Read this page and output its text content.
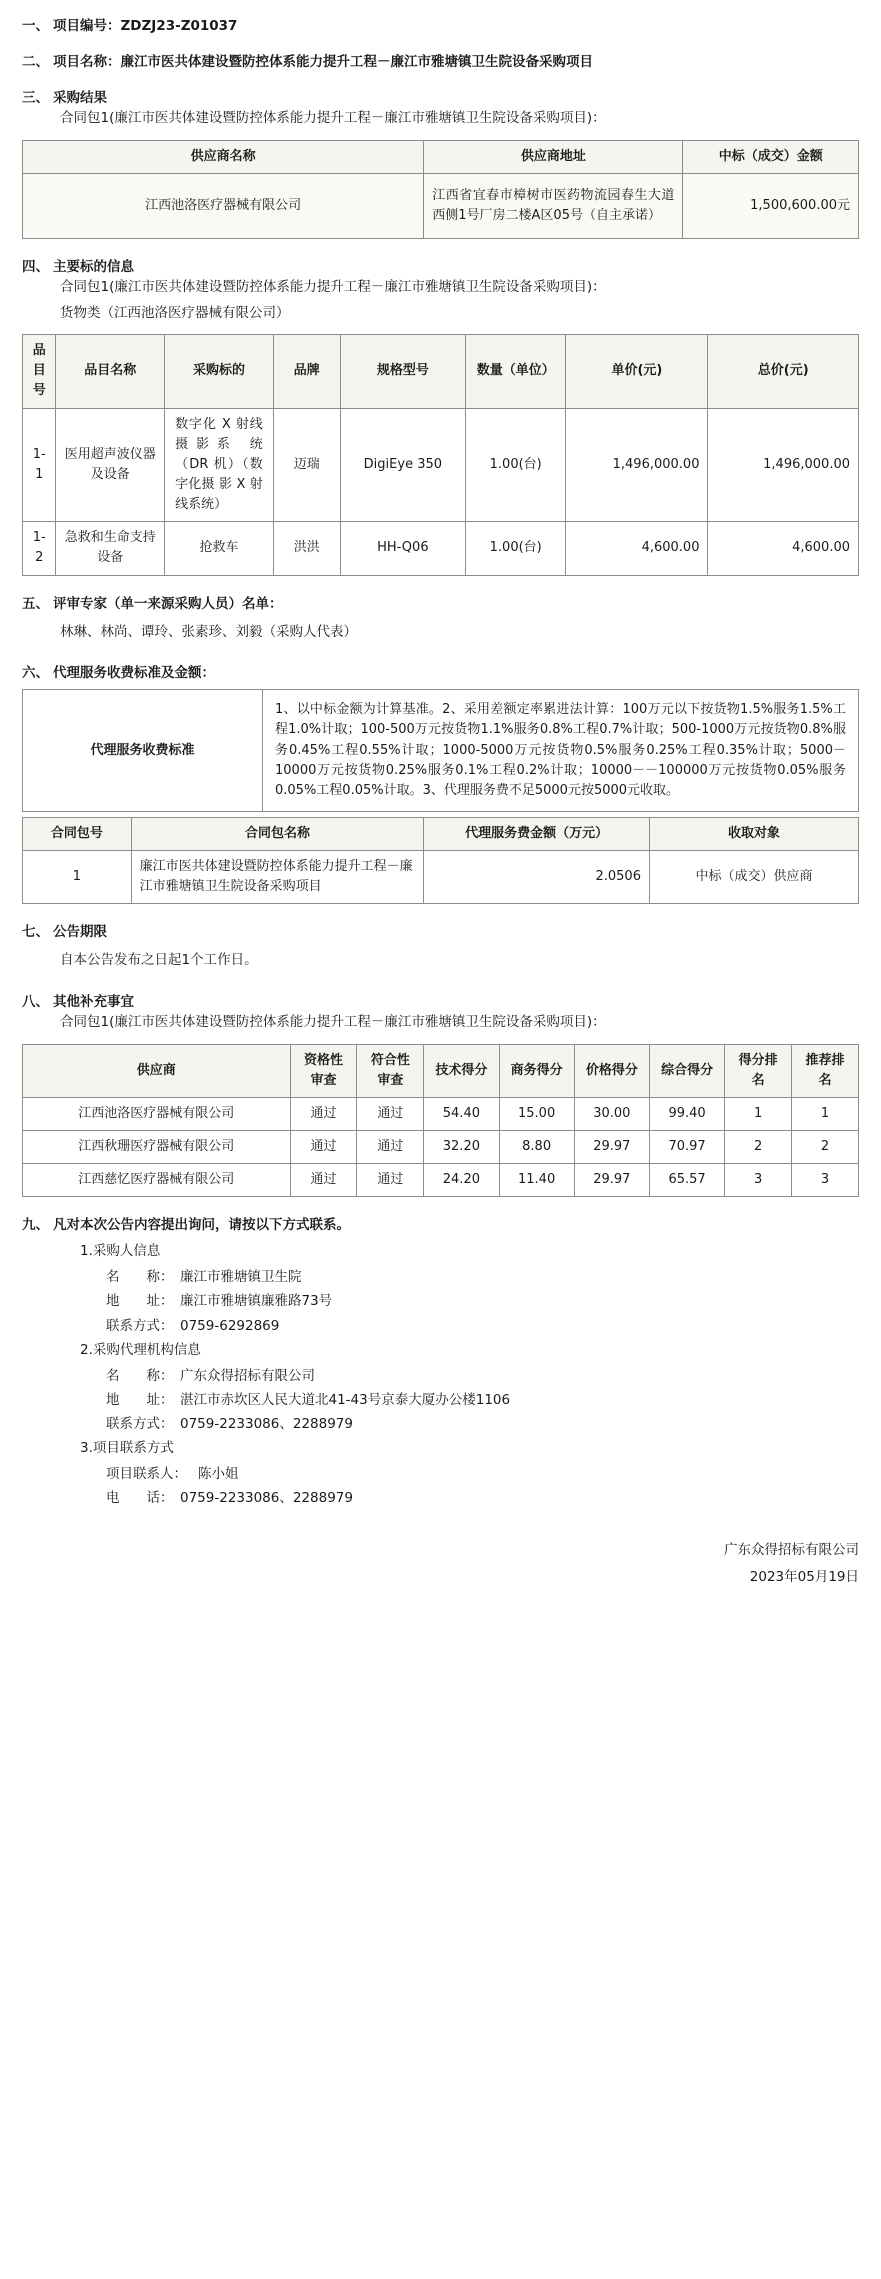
一、 项目编号：ZDZJ23-Z01037
二、 项目名称： 廉江市医共体建设暨防控体系能力提升工程－廉江市雅塘镇卫生院设备采购项目
三、 采购结果
合同包1(廉江市医共体建设暨防控体系能力提升工程－廉江市雅塘镇卫生院设备采购项目)：
供应商名称	供应商地址	中标（成交）金额
江西池洛医疗器械有限公司	江西省宜春市樟树市医药物流园春生大道西侧1号厂房二楼A区05号（自主承诺）	1,500,600.00元
四、 主要标的信息
合同包1(廉江市医共体建设暨防控体系能力提升工程－廉江市雅塘镇卫生院设备采购项目)：
货物类（江西池洛医疗器械有限公司）
品目号	品目名称	采购标的	品牌	规格型号	数量（单位）	单价(元)	总价(元)
1-1	医用超声波仪器及设备	数字化 X 射线 摄影系 统（DR 机）（数字化摄 影 X 射 线系统）	迈瑞	DigiEye 350	1.00(台)	1,496,000.00	1,496,000.00
1-2	急救和生命支持设备	抢救车	洪洪	HH-Q06	1.00(台)	4,600.00	4,600.00
五、 评审专家（单一来源采购人员）名单：
林琳、林尚、谭玲、张素珍、刘毅（采购人代表）
六、 代理服务收费标准及金额：
代理服务收费标准	1、以中标金额为计算基准。2、采用差额定率累进法计算：100万元以下按货物1.5%服务1.5%工程1.0%计取；100-500万元按货物1.1%服务0.8%工程0.7%计取；500-1000万元按货物0.8%服务0.45%工程0.55%计取；1000-5000万元按货物0.5%服务0.25%工程0.35%计取；5000－10000万元按货物0.25%服务0.1%工程0.2%计取；10000－－100000万元按货物0.05%服务0.05%工程0.05%计取。3、代理服务费不足5000元按5000元收取。
合同包号	合同包名称	代理服务费金额（万元）	收取对象
1	廉江市医共体建设暨防控体系能力提升工程－廉江市雅塘镇卫生院设备采购项目	2.0506	中标（成交）供应商
七、 公告期限
自本公告发布之日起1个工作日。
八、 其他补充事宜
合同包1(廉江市医共体建设暨防控体系能力提升工程－廉江市雅塘镇卫生院设备采购项目)：
供应商	资格性审查	符合性审查	技术得分	商务得分	价格得分	综合得分	得分排名	推荐排名
江西池洛医疗器械有限公司	通过	通过	54.40	15.00	30.00	99.40	1	1
江西秋珊医疗器械有限公司	通过	通过	32.20	8.80	29.97	70.97	2	2
江西慈忆医疗器械有限公司	通过	通过	24.20	11.40	29.97	65.57	3	3
九、 凡对本次公告内容提出询问，请按以下方式联系。
1.采购人信息
名　　称： 廉江市雅塘镇卫生院
地　　址： 廉江市雅塘镇廉雅路73号
联系方式： 0759-6292869
2.采购代理机构信息
名　　称： 广东众得招标有限公司
地　　址： 湛江市赤坎区人民大道北41-43号京泰大厦办公楼1106
联系方式： 0759-2233086、2288979
3.项目联系方式
项目联系人： 陈小姐
电　　话： 0759-2233086、2288979
广东众得招标有限公司
2023年05月19日
